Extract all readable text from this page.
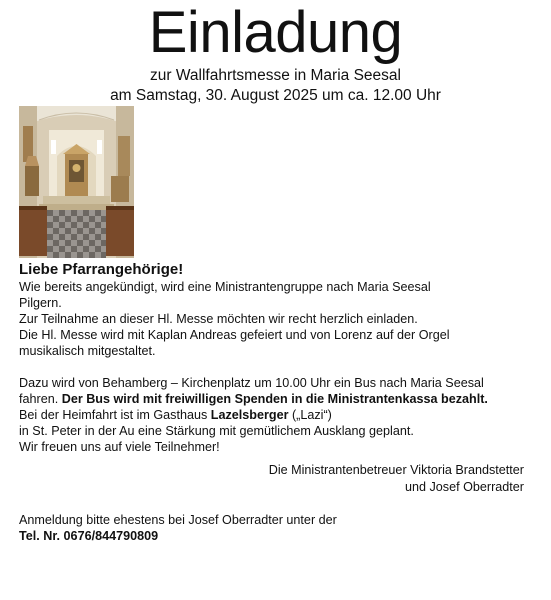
Einladung

zur Wallfahrtsmesse in Maria Seesal

am Samstag, 30. August 2025 um ca. 12.00 Uhr

Liebe Pfarrangehörige!

Wie bereits angekündigt, wird eine Ministrantengruppe nach Maria Seesal

Pilgern.

Zur Teilnahme an dieser Hl. Messe möchten wir recht herzlich einladen.

Die Hl. Messe wird mit Kaplan Andreas gefeiert und von Lorenz auf der Orgel

musikalisch mitgestaltet.

Dazu wird von Behamberg – Kirchenplatz um 10.00 Uhr ein Bus nach Maria Seesal

fahren. Der Bus wird mit freiwilligen Spenden in die Ministrantenkassa bezahlt.

Bei der Heimfahrt ist im Gasthaus Lazelsberger („Lazi“)

in St. Peter in der Au eine Stärkung mit gemütlichem Ausklang geplant.

Wir freuen uns auf viele Teilnehmer!

Die Ministrantenbetreuer Viktoria Brandstetter
und Josef Oberradter

Anmeldung bitte ehestens bei Josef Oberradter unter der

Tel. Nr. 0676/844790809
